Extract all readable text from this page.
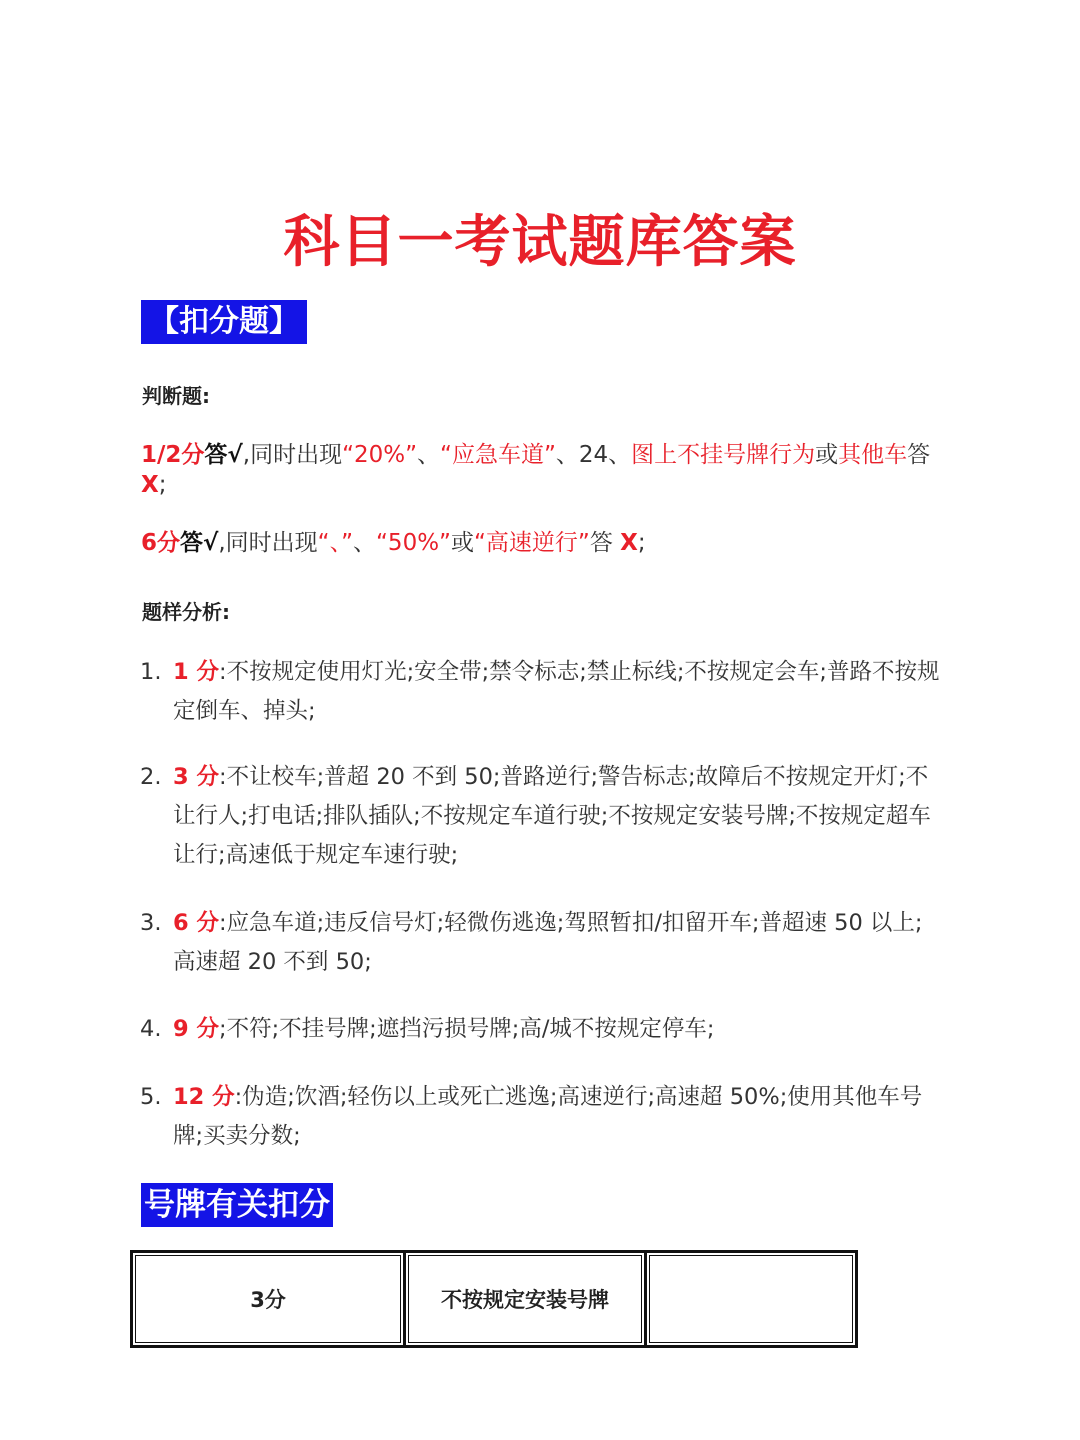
科目一考试题库答案
【扣分题】
判断题:
1/2分答√,同时出现“20%”、“应急车道”、24、图上不挂号牌行为或其他车答 X;
6分答√,同时出现“、”、“50%”或“高速逆行”答 X;
题样分析:
1. 1 分:不按规定使用灯光;安全带;禁令标志;禁止标线;不按规定会车;普路不按规定倒车、掉头;
2. 3 分:不让校车;普超 20 不到 50;普路逆行;警告标志;故障后不按规定开灯;不让行人;打电话;排队插队;不按规定车道行驶;不按规定安装号牌;不按规定超车让行;高速低于规定车速行驶;
3. 6 分:应急车道;违反信号灯;轻微伤逃逸;驾照暂扣/扣留开车;普超速 50 以上;高速超 20 不到 50;
4. 9 分;不符;不挂号牌;遮挡污损号牌;高/城不按规定停车;
5. 12 分:伪造;饮酒;轻伤以上或死亡逃逸;高速逆行;高速超 50%;使用其他车号牌;买卖分数;
号牌有关扣分
3分	不按规定安装号牌	
